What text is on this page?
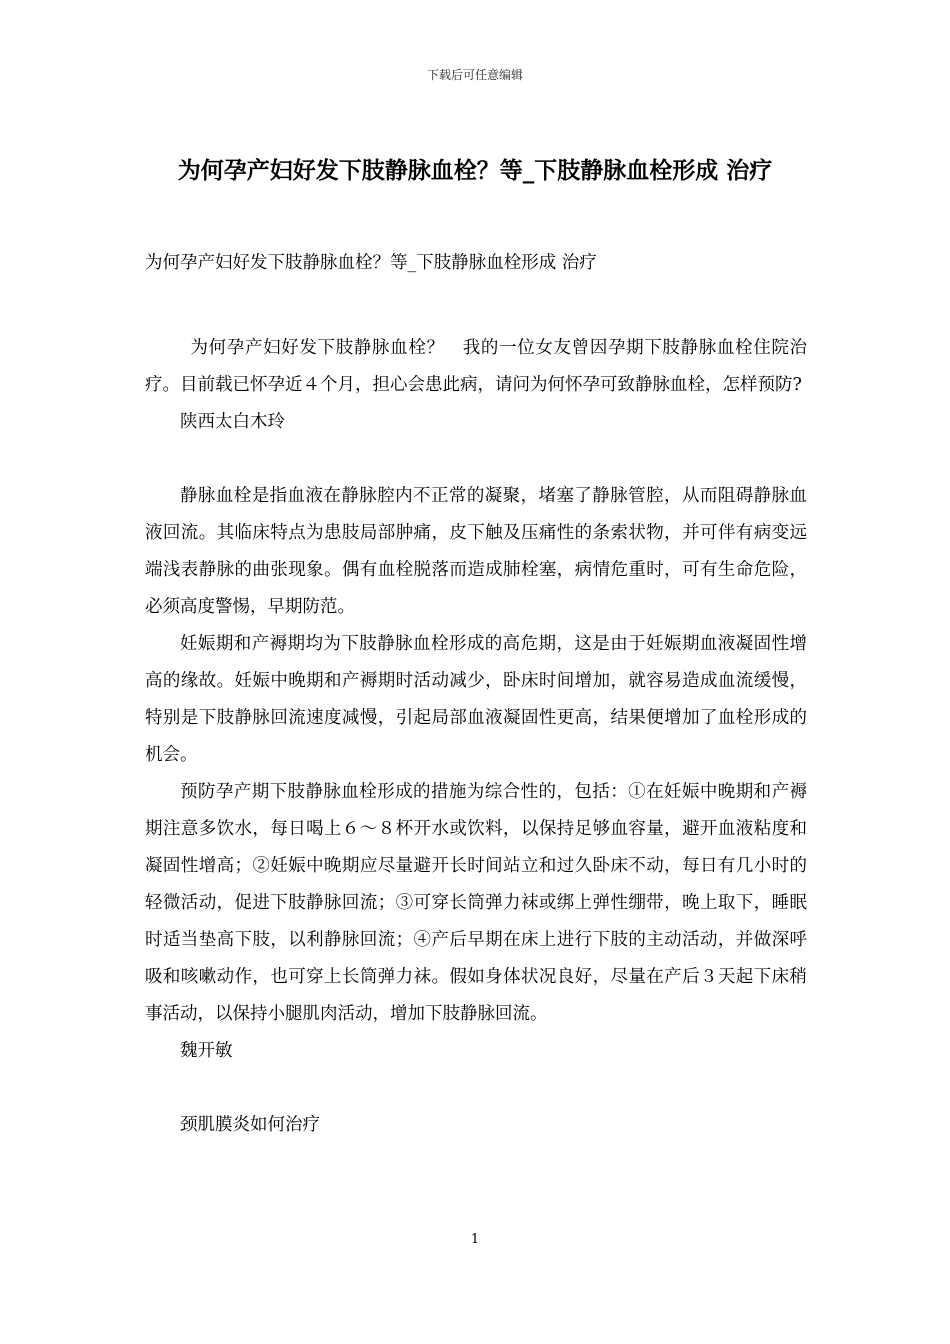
下载后可任意编辑
为何孕产妇好发下肢静脉血栓？等_下肢静脉血栓形成 治疗

为何孕产妇好发下肢静脉血栓？等_下肢静脉血栓形成 治疗

为何孕产妇好发下肢静脉血栓？　我的一位女友曾因孕期下肢静脉血栓住院治疗。目前载已怀孕近４个月，担心会患此病，请问为何怀孕可致静脉血栓，怎样预防?

陕西太白木玲

静脉血栓是指血液在静脉腔内不正常的凝聚，堵塞了静脉管腔，从而阻碍静脉血液回流。其临床特点为患肢局部肿痛，皮下触及压痛性的条索状物，并可伴有病变远端浅表静脉的曲张现象。偶有血栓脱落而造成肺栓塞，病情危重时，可有生命危险，必须高度警惕，早期防范。

妊娠期和产褥期均为下肢静脉血栓形成的高危期，这是由于妊娠期血液凝固性增高的缘故。妊娠中晚期和产褥期时活动减少，卧床时间增加，就容易造成血流缓慢，特别是下肢静脉回流速度减慢，引起局部血液凝固性更高，结果便增加了血栓形成的机会。

预防孕产期下肢静脉血栓形成的措施为综合性的，包括：①在妊娠中晚期和产褥期注意多饮水，每日喝上６～８杯开水或饮料，以保持足够血容量，避开血液粘度和凝固性增高；②妊娠中晚期应尽量避开长时间站立和过久卧床不动，每日有几小时的轻微活动，促进下肢静脉回流；③可穿长筒弹力袜或绑上弹性绷带，晚上取下，睡眠时适当垫高下肢，以利静脉回流；④产后早期在床上进行下肢的主动活动，并做深呼吸和咳嗽动作，也可穿上长筒弹力袜。假如身体状况良好，尽量在产后３天起下床稍事活动，以保持小腿肌肉活动，增加下肢静脉回流。

魏开敏

颈肌膜炎如何治疗

1
